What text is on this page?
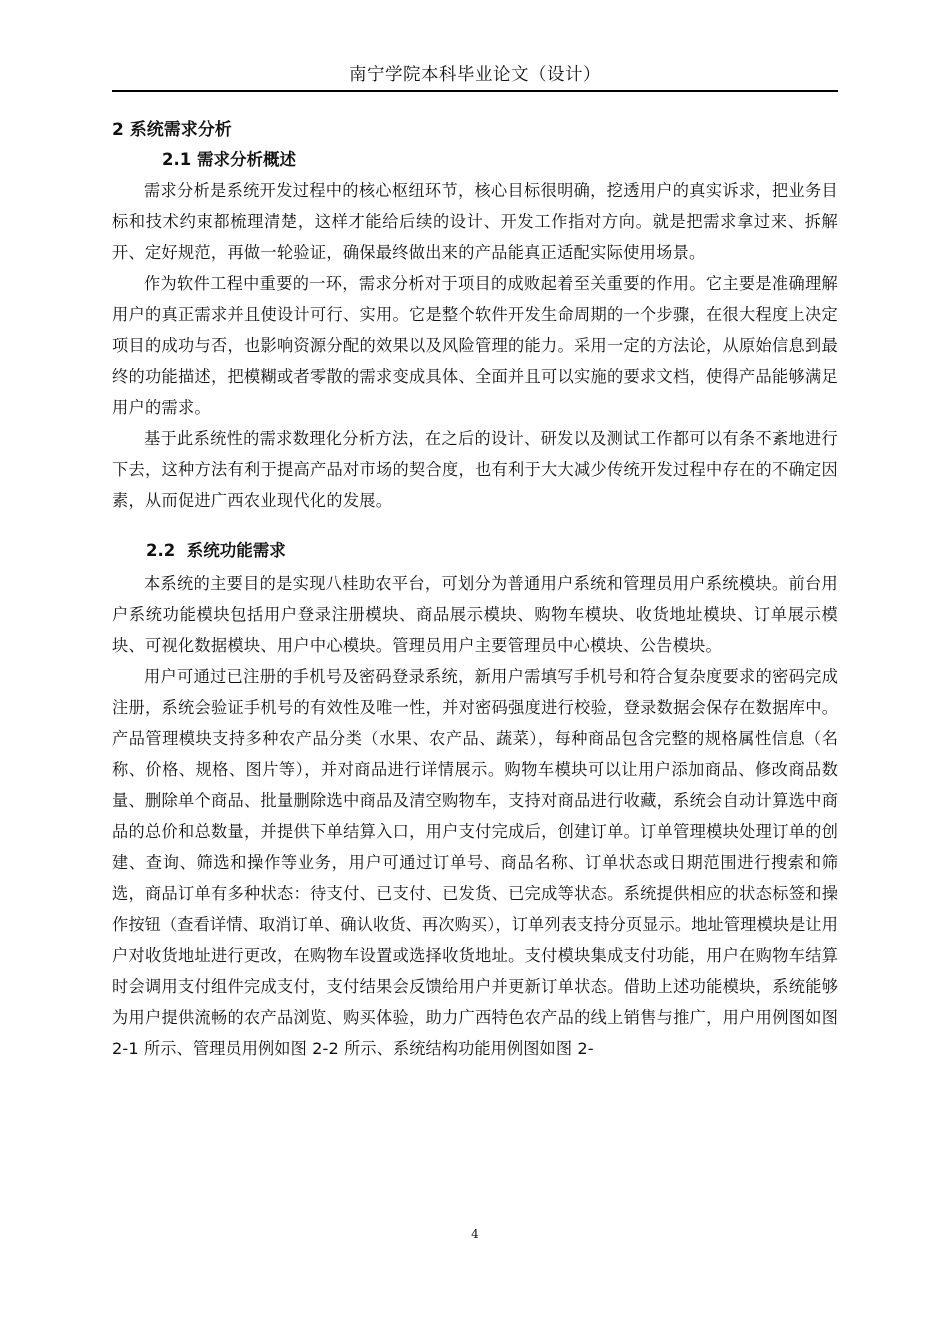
南宁学院本科毕业论文（设计）
2 系统需求分析
2.1 需求分析概述

需求分析是系统开发过程中的核心枢纽环节，核心目标很明确，挖透用户的真实诉求，把业务目标和技术约束都梳理清楚，这样才能给后续的设计、开发工作指对方向。就是把需求拿过来、拆解开、定好规范，再做一轮验证，确保最终做出来的产品能真正适配实际使用场景。

作为软件工程中重要的一环，需求分析对于项目的成败起着至关重要的作用。它主要是准确理解用户的真正需求并且使设计可行、实用。它是整个软件开发生命周期的一个步骤，在很大程度上决定项目的成功与否，也影响资源分配的效果以及风险管理的能力。采用一定的方法论，从原始信息到最终的功能描述，把模糊或者零散的需求变成具体、全面并且可以实施的要求文档，使得产品能够满足用户的需求。

基于此系统性的需求数理化分析方法，在之后的设计、研发以及测试工作都可以有条不紊地进行下去，这种方法有利于提高产品对市场的契合度，也有利于大大减少传统开发过程中存在的不确定因素，从而促进广西农业现代化的发展。

2.2 系统功能需求

本系统的主要目的是实现八桂助农平台，可划分为普通用户系统和管理员用户系统模块。前台用户系统功能模块包括用户登录注册模块、商品展示模块、购物车模块、收货地址模块、订单展示模块、可视化数据模块、用户中心模块。管理员用户主要管理员中心模块、公告模块。

用户可通过已注册的手机号及密码登录系统，新用户需填写手机号和符合复杂度要求的密码完成注册，系统会验证手机号的有效性及唯一性，并对密码强度进行校验，登录数据会保存在数据库中。产品管理模块支持多种农产品分类（水果、农产品、蔬菜），每种商品包含完整的规格属性信息（名称、价格、规格、图片等），并对商品进行详情展示。购物车模块可以让用户添加商品、修改商品数量、删除单个商品、批量删除选中商品及清空购物车，支持对商品进行收藏，系统会自动计算选中商品的总价和总数量，并提供下单结算入口，用户支付完成后，创建订单。订单管理模块处理订单的创建、查询、筛选和操作等业务，用户可通过订单号、商品名称、订单状态或日期范围进行搜索和筛选，商品订单有多种状态：待支付、已支付、已发货、已完成等状态。系统提供相应的状态标签和操作按钮（查看详情、取消订单、确认收货、再次购买），订单列表支持分页显示。地址管理模块是让用户对收货地址进行更改，在购物车设置或选择收货地址。支付模块集成支付功能，用户在购物车结算时会调用支付组件完成支付，支付结果会反馈给用户并更新订单状态。借助上述功能模块，系统能够为用户提供流畅的农产品浏览、购买体验，助力广西特色农产品的线上销售与推广，用户用例图如图 2-1 所示、管理员用例如图 2-2 所示、系统结构功能用例图如图 2-

4
